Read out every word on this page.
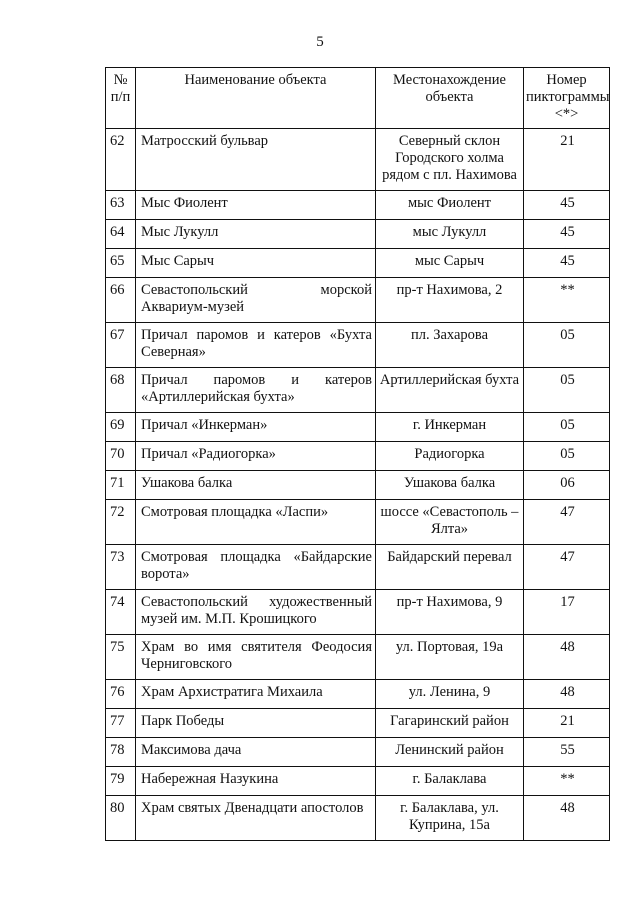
5
№ п/п	Наименование объекта	Местонахождение объекта	Номер пиктограммы <*>
62	Матросский бульвар	Северный склон Городского холма рядом с пл. Нахимова	21
63	Мыс Фиолент	мыс Фиолент	45
64	Мыс Лукулл	мыс Лукулл	45
65	Мыс Сарыч	мыс Сарыч	45
66	Севастопольский морской Аквариум-музей	пр-т Нахимова, 2	**
67	Причал паромов и катеров «Бухта Северная»	пл. Захарова	05
68	Причал паромов и катеров «Артиллерийская бухта»	Артиллерийская бухта	05
69	Причал «Инкерман»	г. Инкерман	05
70	Причал «Радиогорка»	Радиогорка	05
71	Ушакова балка	Ушакова балка	06
72	Смотровая площадка «Ласпи»	шоссе «Севастополь – Ялта»	47
73	Смотровая площадка «Байдарские ворота»	Байдарский перевал	47
74	Севастопольский художественный музей им. М.П. Крошицкого	пр-т Нахимова, 9	17
75	Храм во имя святителя Феодосия Черниговского	ул. Портовая, 19а	48
76	Храм Архистратига Михаила	ул. Ленина, 9	48
77	Парк Победы	Гагаринский район	21
78	Максимова дача	Ленинский район	55
79	Набережная Назукина	г. Балаклава	**
80	Храм святых Двенадцати апостолов	г. Балаклава, ул. Куприна, 15а	48
